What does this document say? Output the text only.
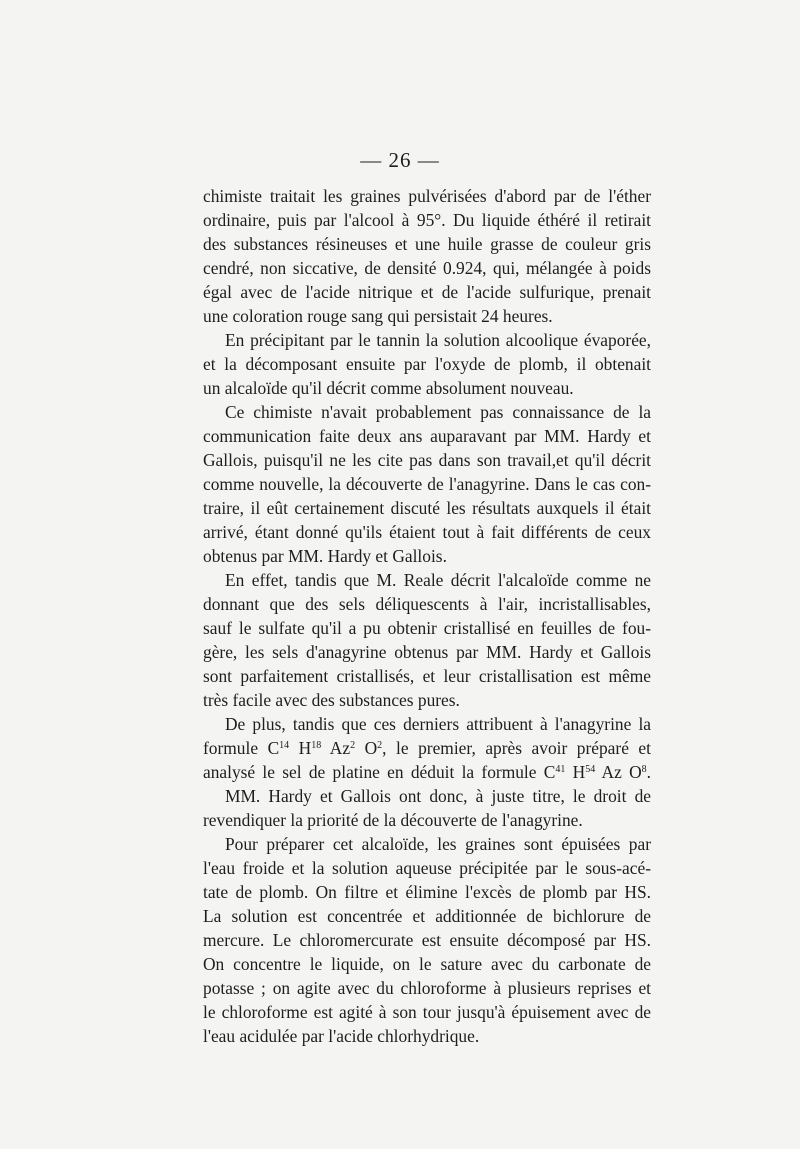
— 26 —
chimiste traitait les graines pulvérisées d'abord par de l'éther
ordinaire, puis par l'alcool à 95°. Du liquide éthéré il retirait
des substances résineuses et une huile grasse de couleur gris
cendré, non siccative, de densité 0.924, qui, mélangée à poids
égal avec de l'acide nitrique et de l'acide sulfurique, prenait
une coloration rouge sang qui persistait 24 heures.
En précipitant par le tannin la solution alcoolique évaporée,
et la décomposant ensuite par l'oxyde de plomb, il obtenait
un alcaloïde qu'il décrit comme absolument nouveau.
Ce chimiste n'avait probablement pas connaissance de la
communication faite deux ans auparavant par MM. Hardy et
Gallois, puisqu'il ne les cite pas dans son travail,et qu'il décrit
comme nouvelle, la découverte de l'anagyrine. Dans le cas con-
traire, il eût certainement discuté les résultats auxquels il était
arrivé, étant donné qu'ils étaient tout à fait différents de ceux
obtenus par MM. Hardy et Gallois.
En effet, tandis que M. Reale décrit l'alcaloïde comme ne
donnant que des sels déliquescents à l'air, incristallisables,
sauf le sulfate qu'il a pu obtenir cristallisé en feuilles de fou-
gère, les sels d'anagyrine obtenus par MM. Hardy et Gallois
sont parfaitement cristallisés, et leur cristallisation est même
très facile avec des substances pures.
De plus, tandis que ces derniers attribuent à l'anagyrine la
formule $C^{14}$ $H^{18}$ Az$^2$ $O^2$, le premier, après avoir préparé et
analysé le sel de platine en déduit la formule $C^{41}$ $H^{54}$ Az $O^8$.
MM. Hardy et Gallois ont donc, à juste titre, le droit de
revendiquer la priorité de la découverte de l'anagyrine.
Pour préparer cet alcaloïde, les graines sont épuisées par
l'eau froide et la solution aqueuse précipitée par le sous-acé-
tate de plomb. On filtre et élimine l'excès de plomb par HS.
La solution est concentrée et additionnée de bichlorure de
mercure. Le chloromercurate est ensuite décomposé par HS.
On concentre le liquide, on le sature avec du carbonate de
potasse ; on agite avec du chloroforme à plusieurs reprises et
le chloroforme est agité à son tour jusqu'à épuisement avec de
l'eau acidulée par l'acide chlorhydrique.
